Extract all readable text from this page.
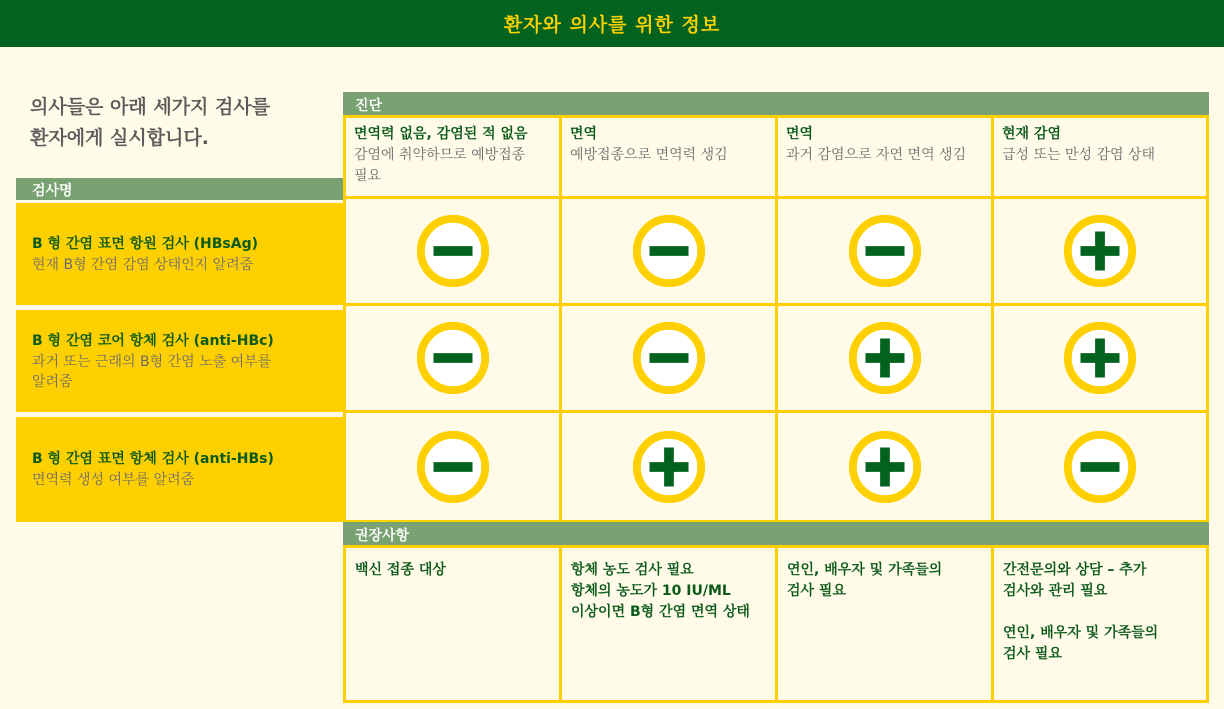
환자와 의사를 위한 정보
의사들은 아래 세가지 검사를
환자에게 실시합니다.
검사명
B 형 간염 표면 항원 검사 (HBsAg)
현재 B형 간염 감염 상태인지 알려줌
B 형 간염 코어 항체 검사 (anti-HBc)
과거 또는 근래의 B형 간염 노출 여부를
알려줌
B 형 간염 표면 항체 검사 (anti-HBs)
면역력 생성 여부를 알려줌
진단
면역력 없음, 감염된 적 없음
감염에 취약하므로 예방접종
필요
면역
예방접종으로 면역력 생김
면역
과거 감염으로 자연 면역 생김
현재 감염
급성 또는 만성 감염 상태
권장사항
백신 접종 대상	항체 농도 검사 필요
항체의 농도가 10 IU/ML
이상이면 B형 간염 면역 상태
연인, 배우자 및 가족들의
검사 필요
간전문의와 상담 – 추가
검사와 관리 필요
연인, 배우자 및 가족들의
검사 필요
